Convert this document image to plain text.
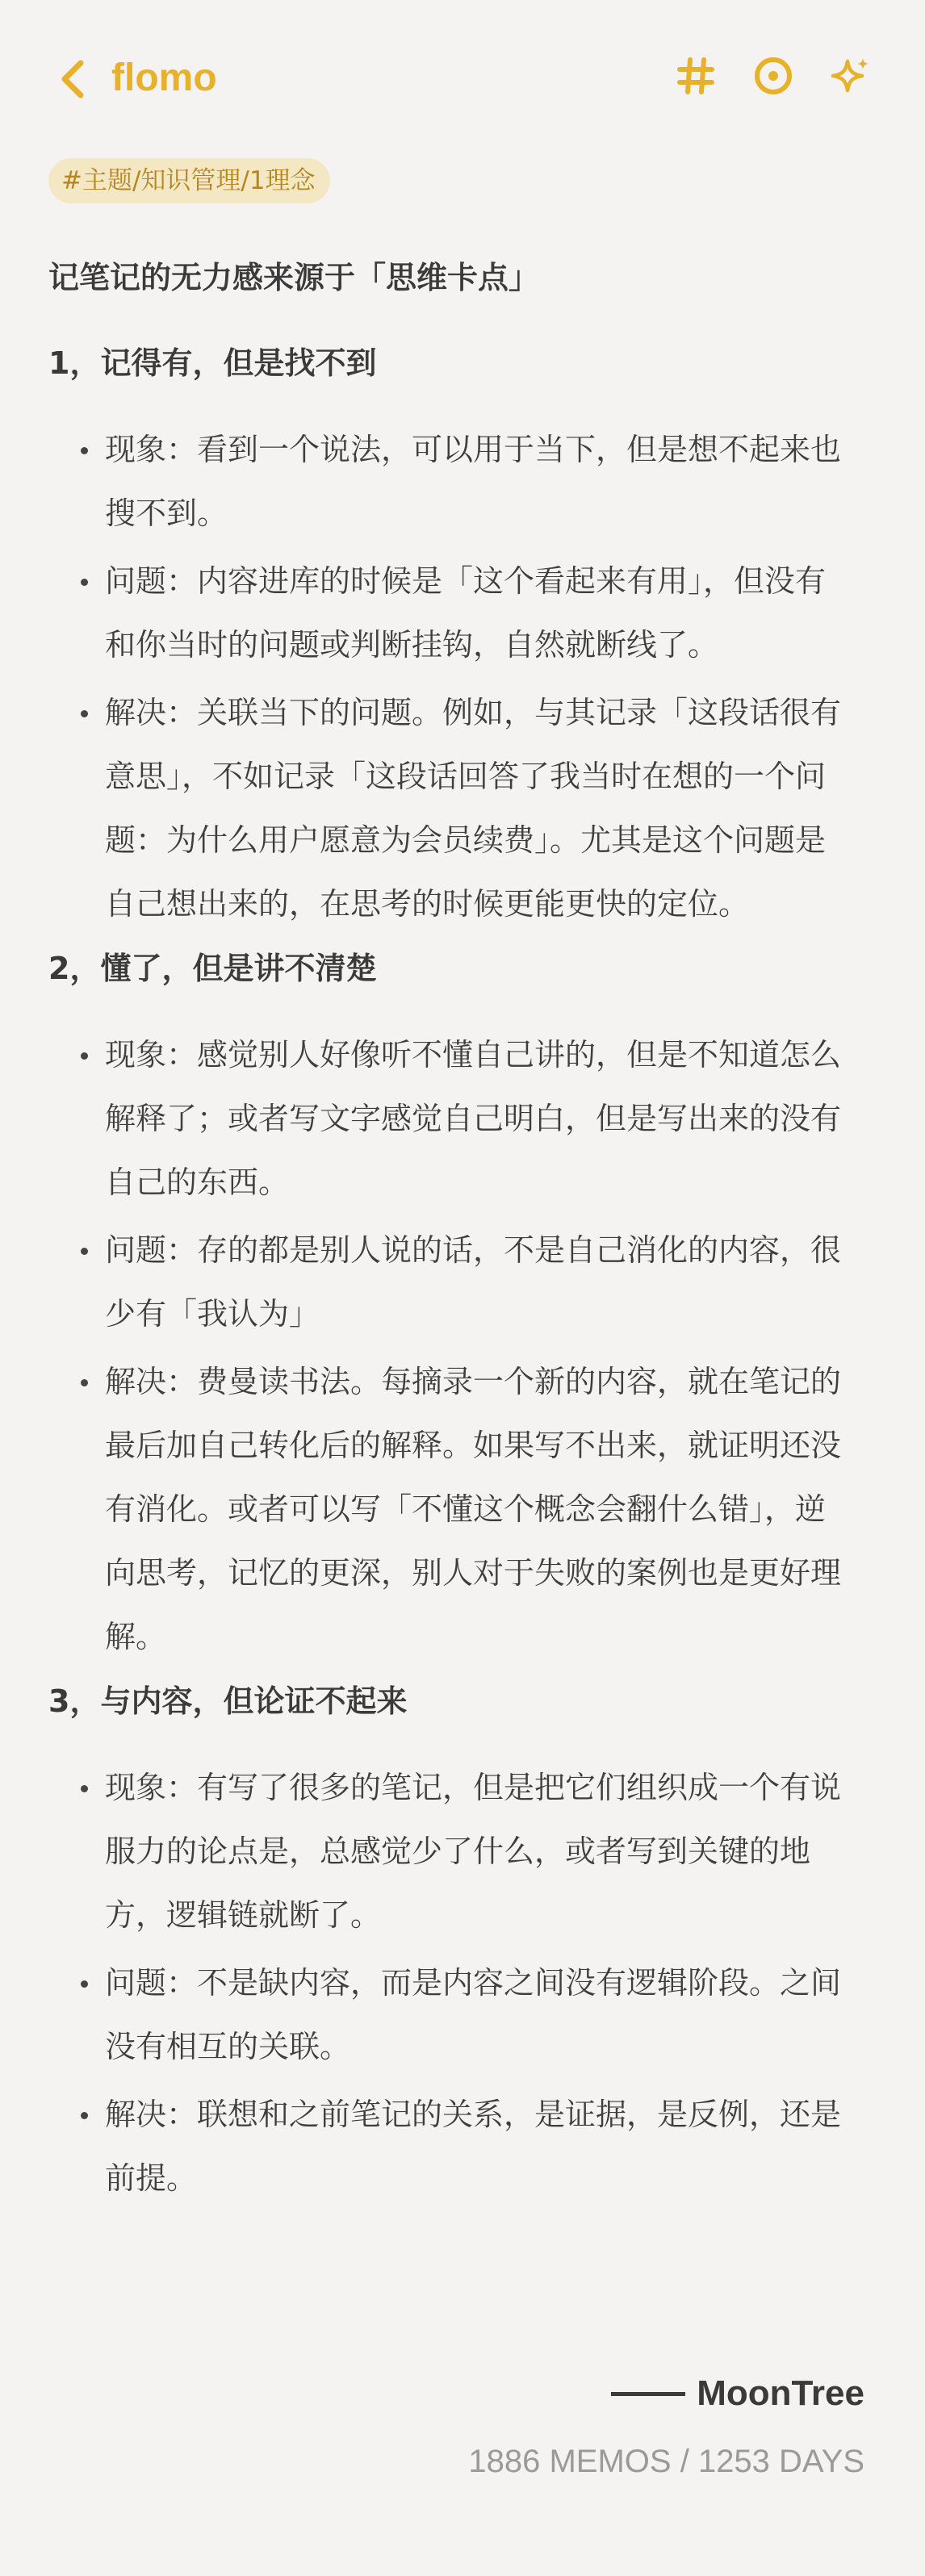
flomo
#主题/知识管理/1理念
记笔记的无力感来源于「思维卡点」
1，记得有，但是找不到
现象：看到一个说法，可以用于当下，但是想不起来也搜不到。
问题：内容进库的时候是「这个看起来有用」，但没有和你当时的问题或判断挂钩，自然就断线了。
解决：关联当下的问题。例如，与其记录「这段话很有意思」，不如记录「这段话回答了我当时在想的一个问题：为什么用户愿意为会员续费」。尤其是这个问题是自己想出来的，在思考的时候更能更快的定位。
2，懂了，但是讲不清楚
现象：感觉别人好像听不懂自己讲的，但是不知道怎么解释了；或者写文字感觉自己明白，但是写出来的没有自己的东西。
问题：存的都是别人说的话，不是自己消化的内容，很少有「我认为」
解决：费曼读书法。每摘录一个新的内容，就在笔记的最后加自己转化后的解释。如果写不出来，就证明还没有消化。或者可以写「不懂这个概念会翻什么错」，逆向思考，记忆的更深，别人对于失败的案例也是更好理解。
3，与内容，但论证不起来
现象：有写了很多的笔记，但是把它们组织成一个有说服力的论点是，总感觉少了什么，或者写到关键的地方，逻辑链就断了。
问题：不是缺内容，而是内容之间没有逻辑阶段。之间没有相互的关联。
解决：联想和之前笔记的关系，是证据，是反例，还是前提。
MoonTree
1886 MEMOS / 1253 DAYS
